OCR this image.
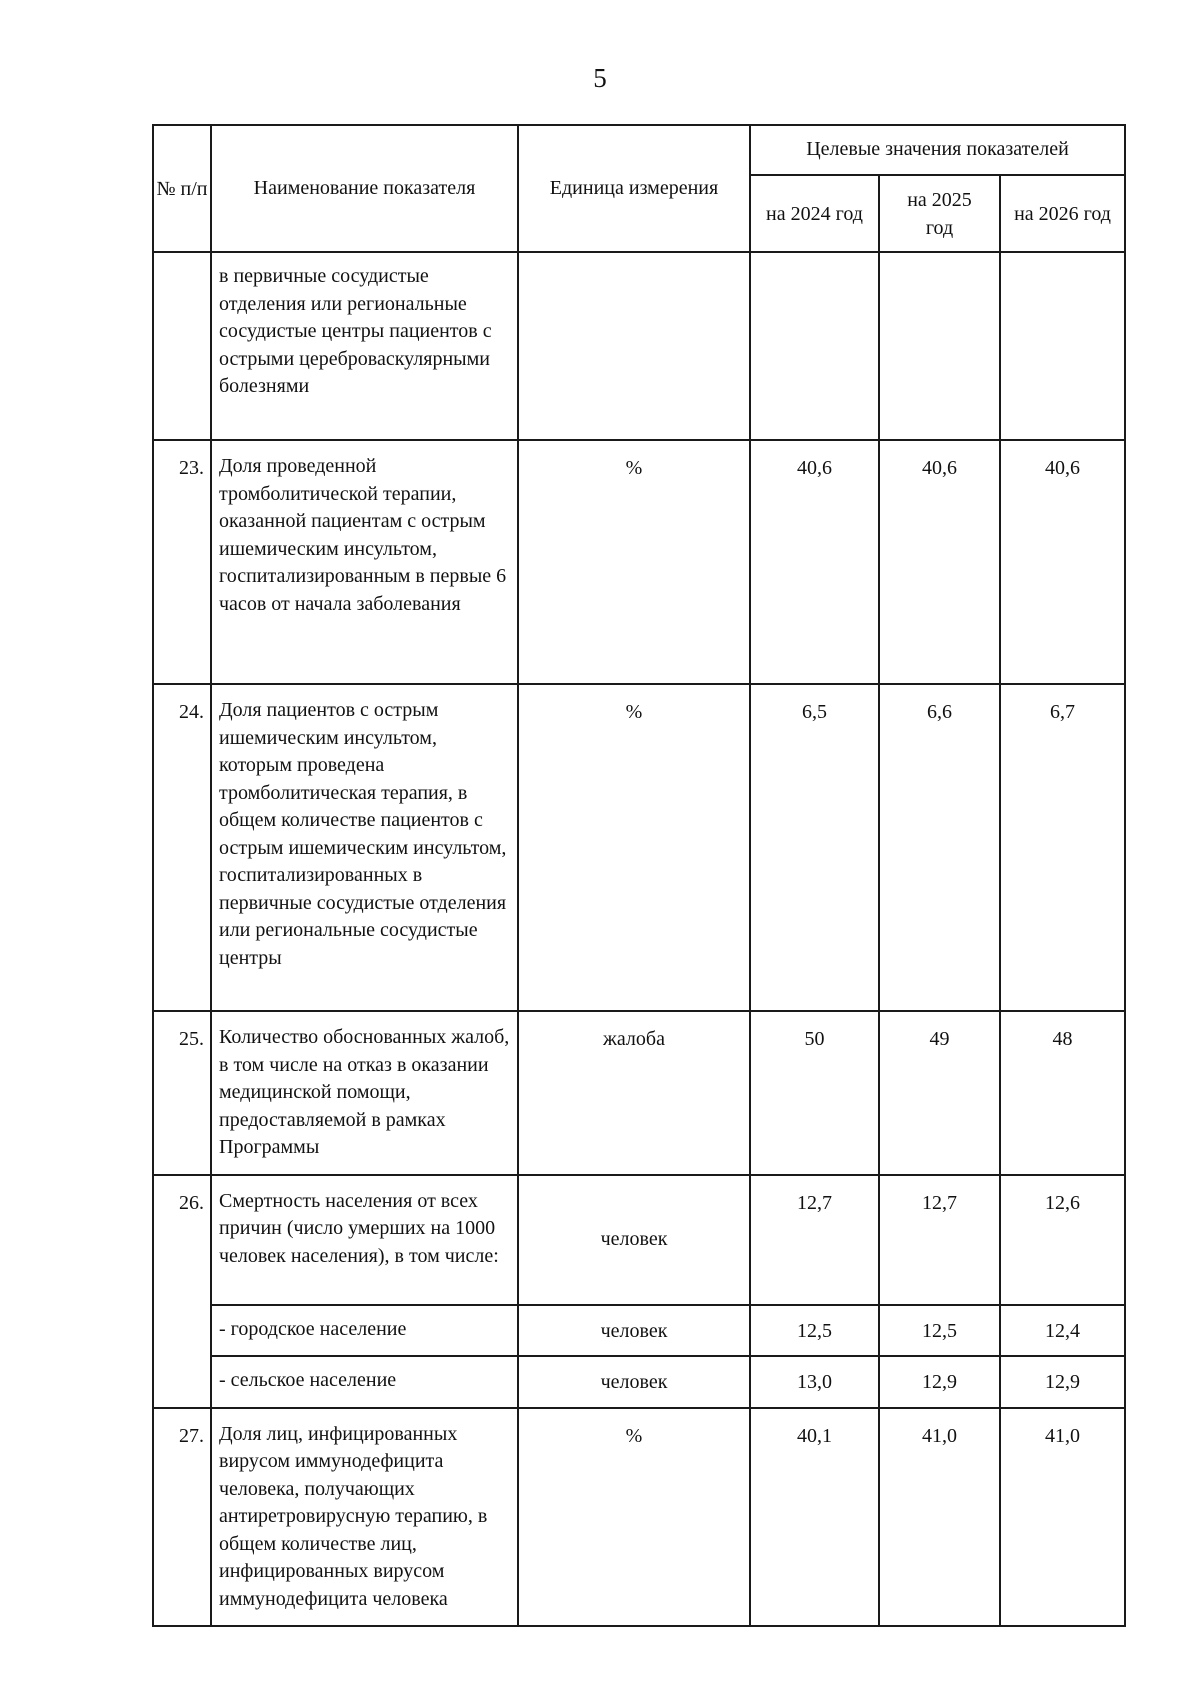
5
№ п/п	Наименование показателя	Единица измерения	Целевые значения показателей		
			на 2024 год	на 2025 год	на 2026 год
	в первичные сосудистые отделения или региональные сосудистые центры пациентов с острыми цереброваскулярными болезнями				
23.	Доля проведенной тромболитической терапии, оказанной пациентам с острым ишемическим инсультом, госпитализированным в первые 6 часов от начала заболевания	%	40,6	40,6	40,6
24.	Доля пациентов с острым ишемическим инсультом, которым проведена тромболитическая терапия, в общем количестве пациентов с острым ишемическим инсультом, госпитализированных в первичные сосудистые отделения или региональные сосудистые центры	%	6,5	6,6	6,7
25.	Количество обоснованных жалоб, в том числе на отказ в оказании медицинской помощи, предоставляемой в рамках Программы	жалоба	50	49	48
26.	Смертность населения от всех причин (число умерших на 1000 человек населения), в том числе:	человек	12,7	12,7	12,6
	- городское население	человек	12,5	12,5	12,4
	- сельское население	человек	13,0	12,9	12,9
27.	Доля лиц, инфицированных вирусом иммунодефицита человека, получающих антиретровирусную терапию, в общем количестве лиц, инфицированных вирусом иммунодефицита человека	%	40,1	41,0	41,0
